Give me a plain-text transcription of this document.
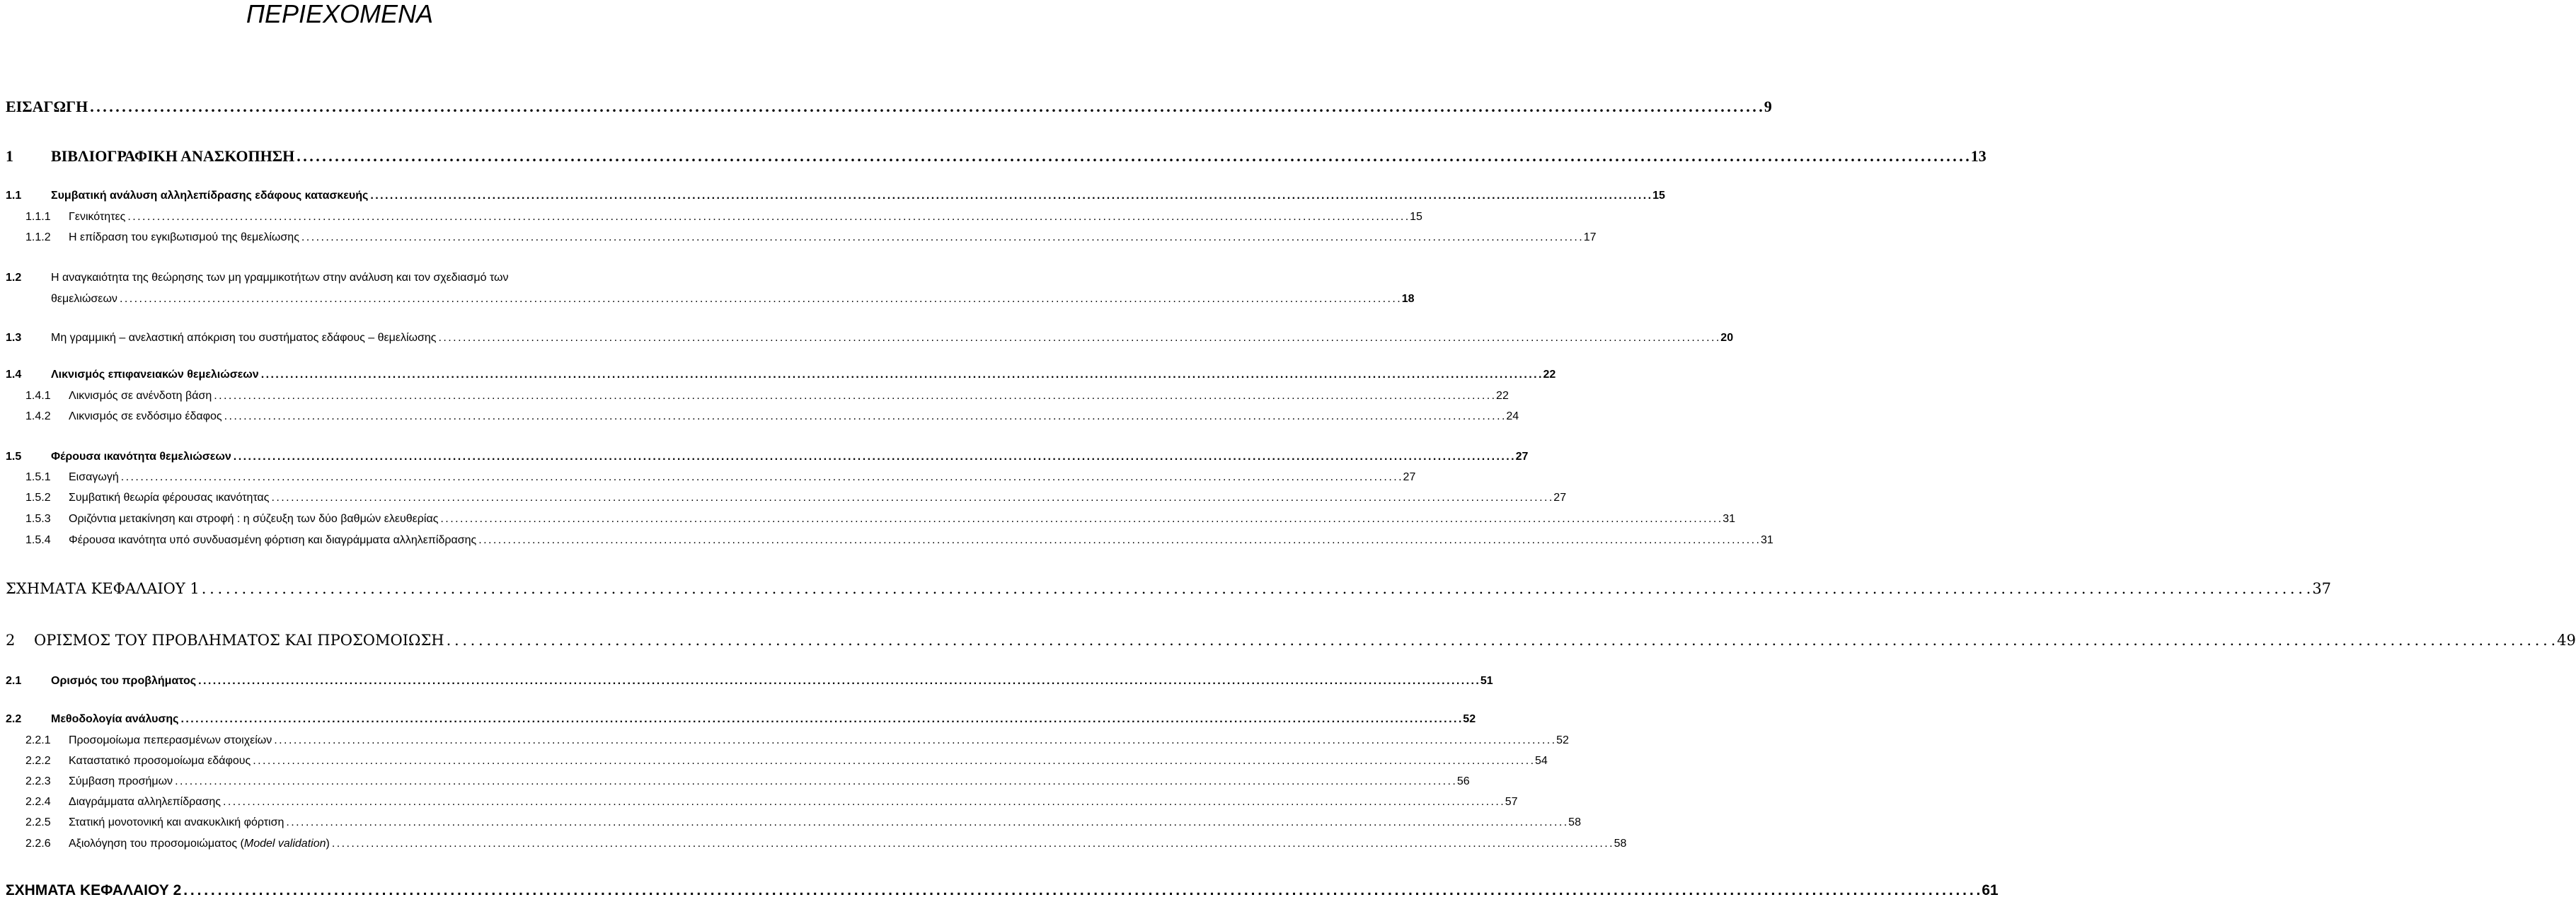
ΠΕΡΙΕΧΟΜΕΝΑ
ΕΙΣΑΓΩΓΗ . . .	9
1	ΒΙΒΛΙΟΓΡΑΦΙΚΗ ΑΝΑΣΚΟΠΗΣΗ . . .	13
1.1	Συμβατική ανάλυση αλληλεπίδρασης εδάφους κατασκευής . . .	15
1.1.1	Γενικότητες . . .	15
1.1.2	Η επίδραση του εγκιβωτισμού της θεμελίωσης . . .	17
1.2	Η αναγκαιότητα της θεώρησης των μη γραμμικοτήτων στην ανάλυση και τον σχεδιασμό των
θεμελιώσεων . . .	18
1.3	Μη γραμμική – ανελαστική απόκριση του συστήματος εδάφους – θεμελίωσης . . .	20
1.4	Λικνισμός επιφανειακών θεμελιώσεων . . .	22
1.4.1	Λικνισμός σε ανένδοτη βάση . . .	22
1.4.2	Λικνισμός σε ενδόσιμο έδαφος . . .	24
1.5	Φέρουσα ικανότητα θεμελιώσεων . . .	27
1.5.1	Εισαγωγή . . .	27
1.5.2	Συμβατική θεωρία φέρουσας ικανότητας . . .	27
1.5.3	Οριζόντια μετακίνηση και στροφή : η σύζευξη των δύο βαθμών ελευθερίας . . .	31
1.5.4	Φέρουσα ικανότητα υπό συνδυασμένη φόρτιση και διαγράμματα αλληλεπίδρασης . . .	31
ΣΧΗΜΑΤΑ ΚΕΦΑΛΑΙΟΥ 1 . . .	37
2	ΟΡΙΣΜΟΣ ΤΟΥ ΠΡΟΒΛΗΜΑΤΟΣ ΚΑΙ ΠΡΟΣΟΜΟΙΩΣΗ . . .	49
2.1	Ορισμός του προβλήματος . . .	51
2.2	Μεθοδολογία ανάλυσης . . .	52
2.2.1	Προσομοίωμα πεπερασμένων στοιχείων . . .	52
2.2.2	Καταστατικό προσομοίωμα εδάφους . . .	54
2.2.3	Σύμβαση προσήμων . . .	56
2.2.4	Διαγράμματα αλληλεπίδρασης . . .	57
2.2.5	Στατική μονοτονική και ανακυκλική φόρτιση . . .	58
2.2.6	Αξιολόγηση του προσομοιώματος (Model validation) . . .	58
ΣΧΗΜΑΤΑ ΚΕΦΑΛΑΙΟΥ 2 . . .	61
